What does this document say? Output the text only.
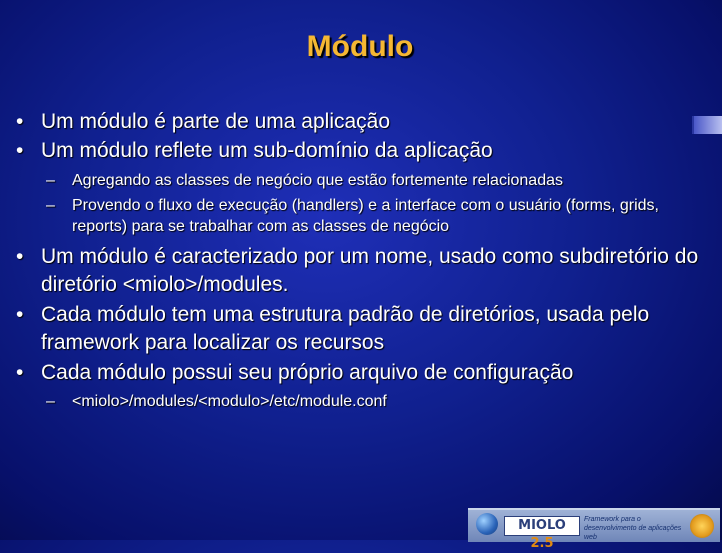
Módulo
• Um módulo é parte de uma aplicação
• Um módulo reflete um sub-domínio da aplicação
– Agregando as classes de negócio que estão fortemente relacionadas
– Provendo o fluxo de execução (handlers) e a interface com o usuário (forms, grids, reports) para se trabalhar com as classes de negócio
• Um módulo é caracterizado por um nome, usado como subdiretório do diretório <miolo>/modules.
• Cada módulo tem uma estrutura padrão de diretórios, usada pelo framework para localizar os recursos
• Cada módulo possui seu próprio arquivo de configuração
– <miolo>/modules/<modulo>/etc/module.conf
MIOLO 2.5
Framework para o desenvolvimento de aplicações web
